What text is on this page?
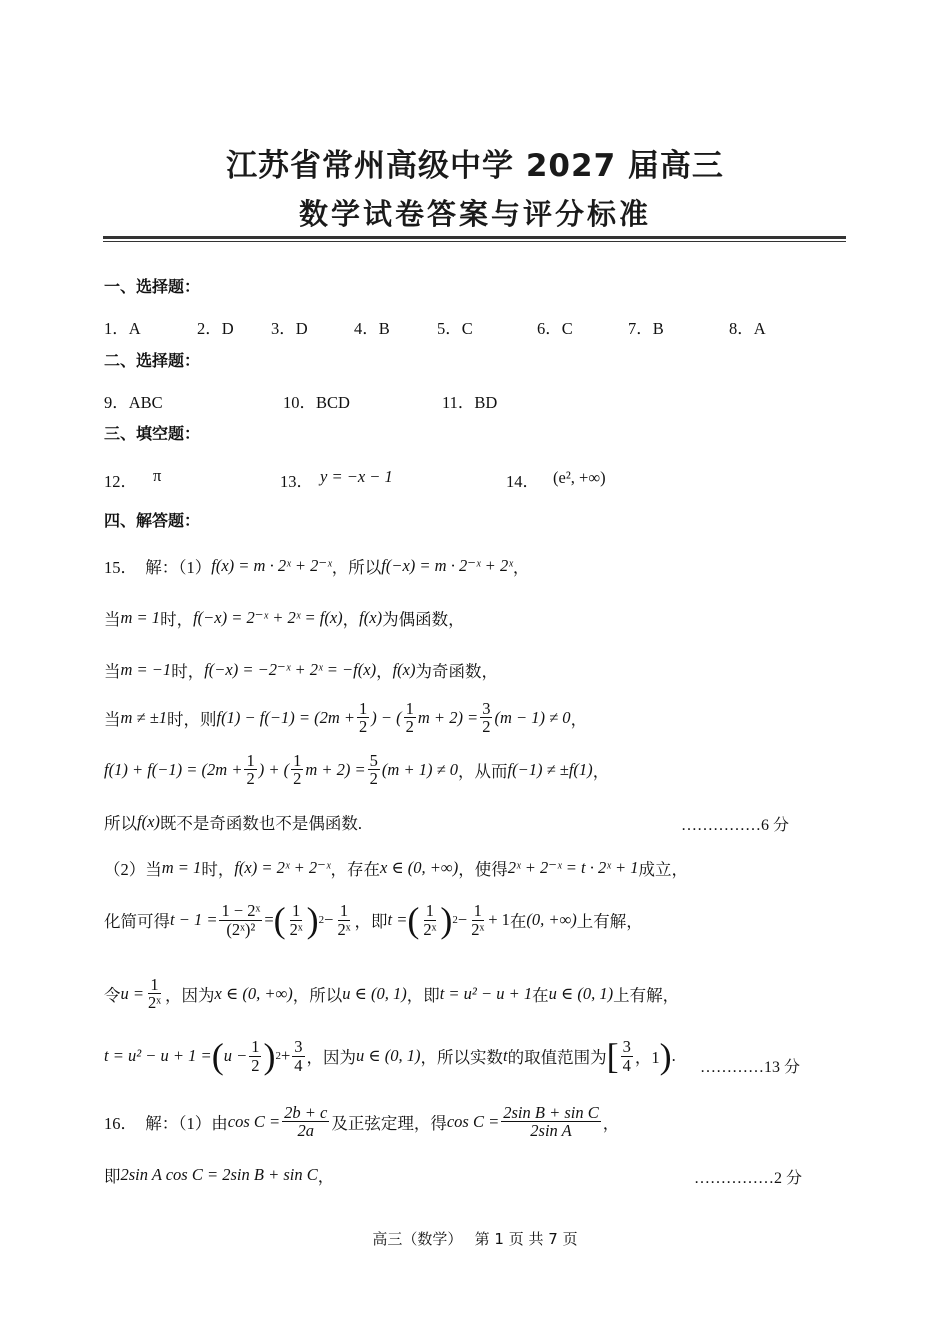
江苏省常州高级中学 2027 届高三
数学试卷答案与评分标准
一、选择题：
1．A	2．D 3．D	4．B	5．C	6．C	7．B	8．A
二、选择题：
9．ABC	10．BCD	11．BD
三、填空题：
12． π	13． y = −x − 1	14． (e², +∞)
四、解答题：
15．　解：（1） f(x) = m · 2ˣ + 2⁻ˣ ，所以 f(−x) = m · 2⁻ˣ + 2ˣ ，
当 m = 1 时， f(−x) = 2⁻ˣ + 2ˣ = f(x) ， f(x) 为偶函数，
当 m = −1 时， f(−x) = −2⁻ˣ + 2ˣ = −f(x) ， f(x) 为奇函数，
当 m ≠ ±1 时，则 $f(1) - f(-1) = (2m + \frac{1}{2}$ ) − ( $\frac{1}{2}$ $m + 2) = \frac{3}{2} (m - 1) \ne 0$ ，
$f(1) + f(-1) = (2m + \frac{1}{2}$ ) + ( $\frac{1}{2}$ $m + 2) = \frac{5}{2} (m + 1) \ne 0$ ，从而 f(−1) ≠ ±f(1) ，
所以 f(x) 既不是奇函数也不是偶函数.	……………6 分
（2）当 m = 1 时， f(x) = 2ˣ + 2⁻ˣ ，存在 x ∈ (0, +∞) ，使得 2ˣ + 2⁻ˣ = t · 2ˣ + 1 成立，
化简可得 $t - 1 = \frac{\text{1 − 2ˣ}}{\text{(2ˣ)²}}$ = ( $\frac{1}{\text{2ˣ}}$ ) $2 - \frac{1}{\text{2ˣ}}$ ，即 t = ( $\frac{1}{\text{2ˣ}}$ ) $2 - \frac{1}{\text{2ˣ}} + 1$ 在 (0, +∞) 上有解，
令 $u = \frac{1}{\text{2ˣ}}$ ，因为 x ∈ (0, +∞) ，所以 u ∈ (0, 1) ，即 t = u² − u + 1 在 u ∈ (0, 1) 上有解，
t = u² − u + 1 = ( $u - \frac{1}{2}$ ) $2 + \frac{3}{4}$ ，因为 u ∈ (0, 1) ，所以实数 t 的取值范围为 [ $\frac{3}{4}$ ，1 ) .
…………13 分
16．　解：（1）由 $\cos C = \frac{2b + c}{2a}$ 及正弦定理，得 $\cos C = \frac{\text{2sin B + sin C}}{\text{2sin A}}$ ，
即 2sin A cos C = 2sin B + sin C ，	……………2 分
高三（数学）　 第 1 页 共 7 页
